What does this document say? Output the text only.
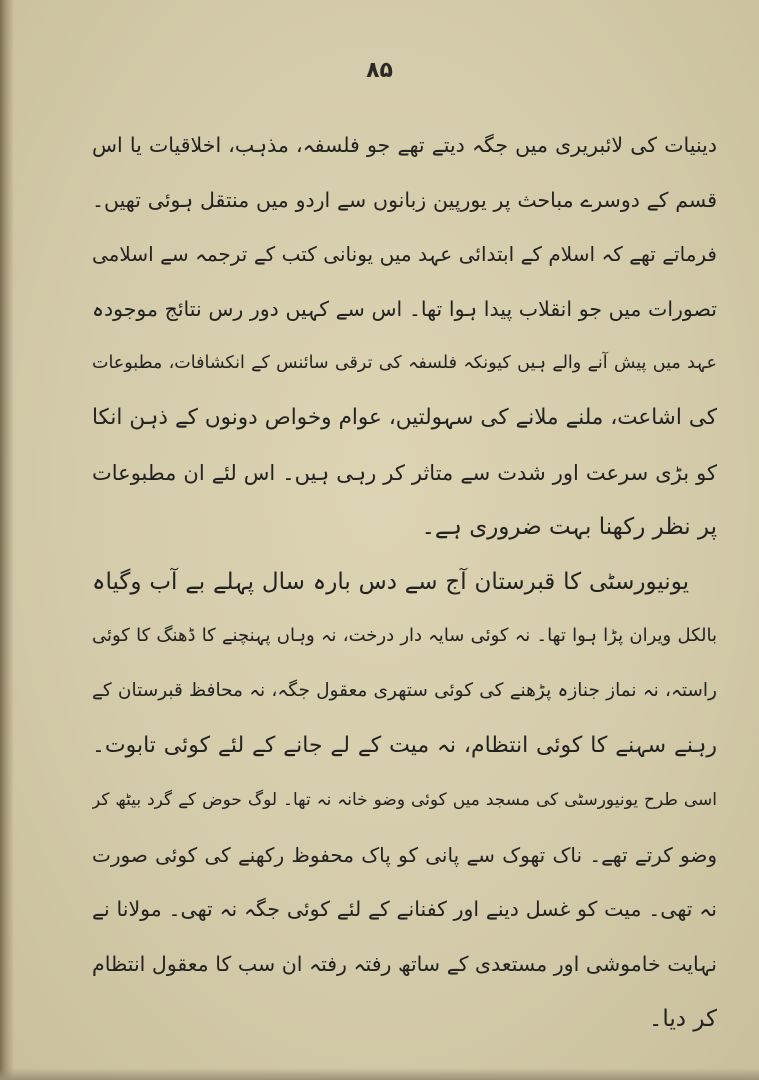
۸۵
دینیات کی لائبریری میں جگہ دیتے تھے جو فلسفہ، مذہب، اخلاقیات یا اس
قسم کے دوسرے مباحث پر یورپین زبانوں سے اردو میں منتقل ہوئی تھیں۔
فرماتے تھے کہ اسلام کے ابتدائی عہد میں یونانی کتب کے ترجمہ سے اسلامی
تصورات میں جو انقلاب پیدا ہوا تھا۔ اس سے کہیں دور رس نتائج موجودہ
عہد میں پیش آنے والے ہیں کیونکہ فلسفہ کی ترقی سائنس کے انکشافات، مطبوعات
کی اشاعت، ملنے ملانے کی سہولتیں، عوام وخواص دونوں کے ذہن انکا
کو بڑی سرعت اور شدت سے متاثر کر رہی ہیں۔ اس لئے ان مطبوعات
پر نظر رکھنا بہت ضروری ہے۔
یونیورسٹی کا قبرستان آج سے دس بارہ سال پہلے بے آب وگیاہ
بالکل ویران پڑا ہوا تھا۔ نہ کوئی سایہ دار درخت، نہ وہاں پہنچنے کا ڈھنگ کا کوئی
راستہ، نہ نماز جنازہ پڑھنے کی کوئی ستھری معقول جگہ، نہ محافظ قبرستان کے
رہنے سہنے کا کوئی انتظام، نہ میت کے لے جانے کے لئے کوئی تابوت۔
اسی طرح یونیورسٹی کی مسجد میں کوئی وضو خانہ نہ تھا۔ لوگ حوض کے گرد بیٹھ کر
وضو کرتے تھے۔ ناک تھوک سے پانی کو پاک محفوظ رکھنے کی کوئی صورت
نہ تھی۔ میت کو غسل دینے اور کفنانے کے لئے کوئی جگہ نہ تھی۔ مولانا نے
نہایت خاموشی اور مستعدی کے ساتھ رفتہ رفتہ ان سب کا معقول انتظام
کر دیا۔
